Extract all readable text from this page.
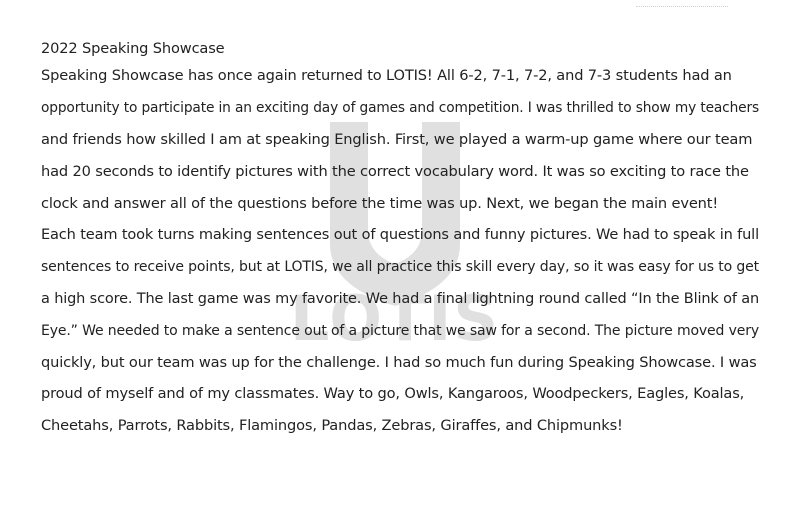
LOTIS
2022 Speaking Showcase
Speaking Showcase has once again returned to LOTIS! All 6-2, 7-1, 7-2, and 7-3 students had an
opportunity to participate in an exciting day of games and competition. I was thrilled to show my teachers
and friends how skilled I am at speaking English. First, we played a warm-up game where our team
had 20 seconds to identify pictures with the correct vocabulary word. It was so exciting to race the
clock and answer all of the questions before the time was up. Next, we began the main event!
Each team took turns making sentences out of questions and funny pictures. We had to speak in full
sentences to receive points, but at LOTIS, we all practice this skill every day, so it was easy for us to get
a high score. The last game was my favorite. We had a final lightning round called “In the Blink of an
Eye.” We needed to make a sentence out of a picture that we saw for a second. The picture moved very
quickly, but our team was up for the challenge. I had so much fun during Speaking Showcase. I was
proud of myself and of my classmates. Way to go, Owls, Kangaroos, Woodpeckers, Eagles, Koalas,
Cheetahs, Parrots, Rabbits, Flamingos, Pandas, Zebras, Giraffes, and Chipmunks!
